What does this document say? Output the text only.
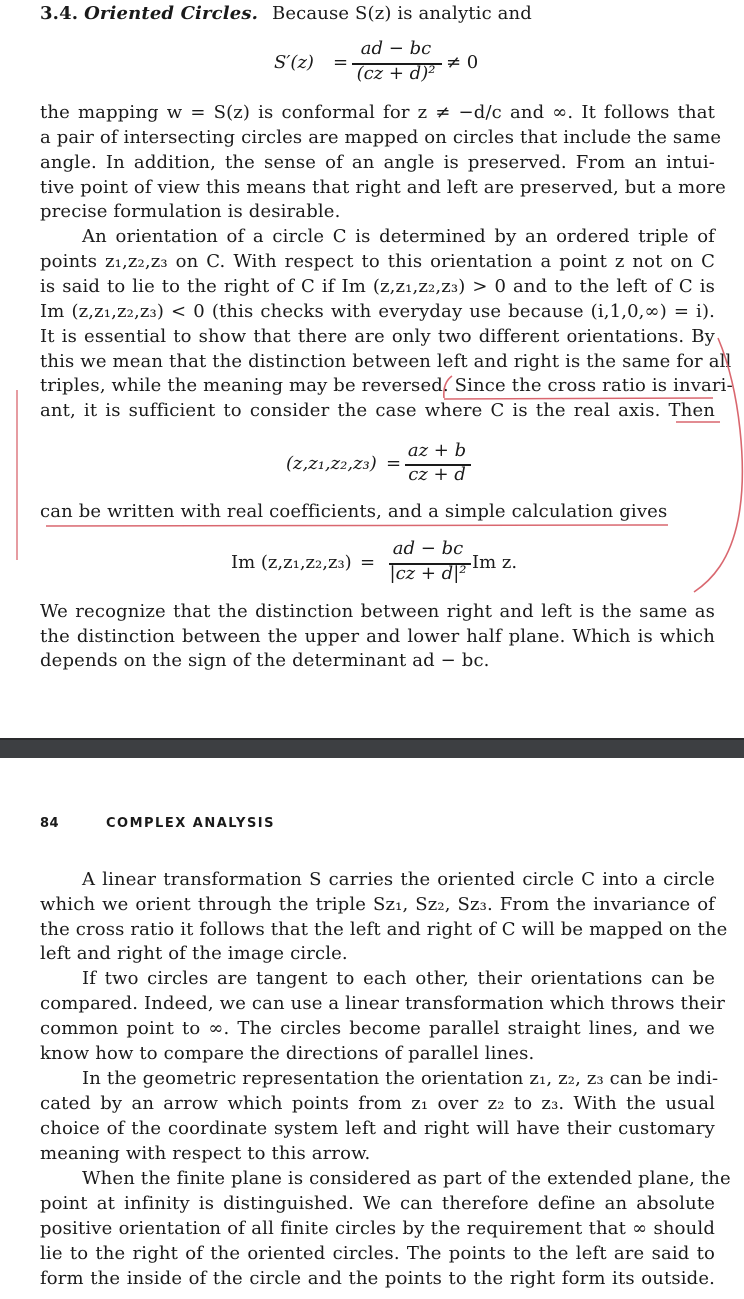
3.4. Oriented Circles. Because S(z) is analytic and
S′(z) =
ad − bc
(cz + d)²
≠ 0
the mapping w = S(z) is conformal for z ≠ −d/c and ∞. It follows that
a pair of intersecting circles are mapped on circles that include the same
angle. In addition, the sense of an angle is preserved. From an intui-
tive point of view this means that right and left are preserved, but a more
precise formulation is desirable.
An orientation of a circle C is determined by an ordered triple of
points z₁,z₂,z₃ on C. With respect to this orientation a point z not on C
is said to lie to the right of C if Im (z,z₁,z₂,z₃) > 0 and to the left of C is
Im (z,z₁,z₂,z₃) < 0 (this checks with everyday use because (i,1,0,∞) = i).
It is essential to show that there are only two different orientations. By
this we mean that the distinction between left and right is the same for all
triples, while the meaning may be reversed. Since the cross ratio is invari-
ant, it is sufficient to consider the case where C is the real axis. Then
(z,z₁,z₂,z₃) =
az + b
cz + d
can be written with real coefficients, and a simple calculation gives
Im (z,z₁,z₂,z₃) =
ad − bc
|cz + d|²
Im z.
We recognize that the distinction between right and left is the same as
the distinction between the upper and lower half plane. Which is which
depends on the sign of the determinant ad − bc.
84	COMPLEX ANALYSIS
A linear transformation S carries the oriented circle C into a circle
which we orient through the triple Sz₁, Sz₂, Sz₃. From the invariance of
the cross ratio it follows that the left and right of C will be mapped on the
left and right of the image circle.
If two circles are tangent to each other, their orientations can be
compared. Indeed, we can use a linear transformation which throws their
common point to ∞. The circles become parallel straight lines, and we
know how to compare the directions of parallel lines.
In the geometric representation the orientation z₁, z₂, z₃ can be indi-
cated by an arrow which points from z₁ over z₂ to z₃. With the usual
choice of the coordinate system left and right will have their customary
meaning with respect to this arrow.
When the finite plane is considered as part of the extended plane, the
point at infinity is distinguished. We can therefore define an absolute
positive orientation of all finite circles by the requirement that ∞ should
lie to the right of the oriented circles. The points to the left are said to
form the inside of the circle and the points to the right form its outside.
